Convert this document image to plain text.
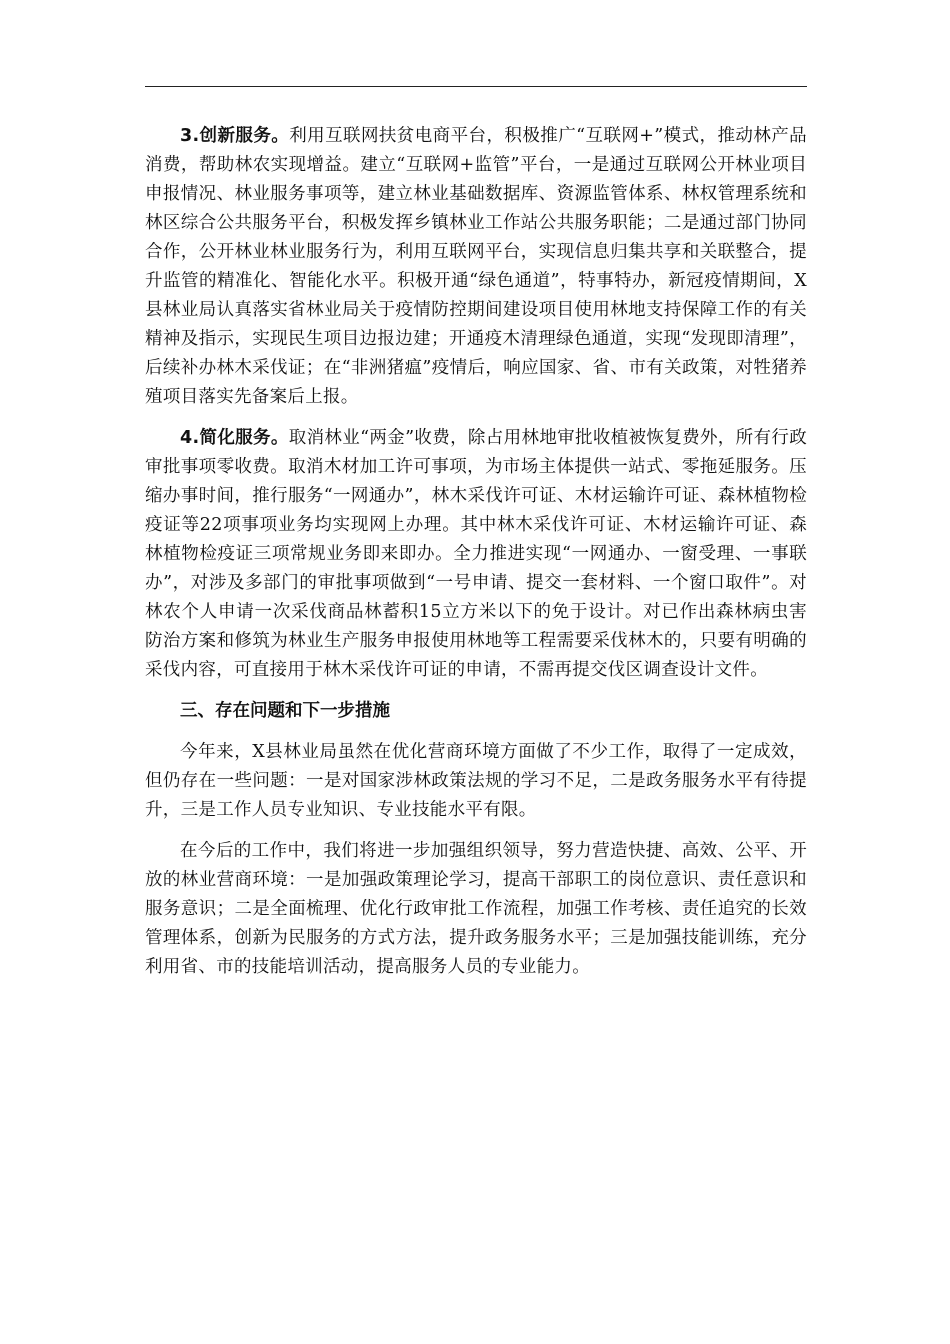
3.创新服务。利用互联网扶贫电商平台，积极推广“互联网+”模式，推动林产品消费，帮助林农实现增益。建立“互联网+监管”平台，一是通过互联网公开林业项目申报情况、林业服务事项等，建立林业基础数据库、资源监管体系、林权管理系统和林区综合公共服务平台，积极发挥乡镇林业工作站公共服务职能；二是通过部门协同合作，公开林业林业服务行为，利用互联网平台，实现信息归集共享和关联整合，提升监管的精准化、智能化水平。积极开通“绿色通道”，特事特办，新冠疫情期间，X县林业局认真落实省林业局关于疫情防控期间建设项目使用林地支持保障工作的有关精神及指示，实现民生项目边报边建；开通疫木清理绿色通道，实现“发现即清理”，后续补办林木采伐证；在“非洲猪瘟”疫情后，响应国家、省、市有关政策，对牲猪养殖项目落实先备案后上报。

4.简化服务。取消林业“两金”收费，除占用林地审批收植被恢复费外，所有行政审批事项零收费。取消木材加工许可事项，为市场主体提供一站式、零拖延服务。压缩办事时间，推行服务“一网通办”，林木采伐许可证、木材运输许可证、森林植物检疫证等22项事项业务均实现网上办理。其中林木采伐许可证、木材运输许可证、森林植物检疫证三项常规业务即来即办。全力推进实现“一网通办、一窗受理、一事联办”，对涉及多部门的审批事项做到“一号申请、提交一套材料、一个窗口取件”。对林农个人申请一次采伐商品林蓄积15立方米以下的免于设计。对已作出森林病虫害防治方案和修筑为林业生产服务申报使用林地等工程需要采伐林木的，只要有明确的采伐内容，可直接用于林木采伐许可证的申请，不需再提交伐区调查设计文件。

三、存在问题和下一步措施

今年来，X县林业局虽然在优化营商环境方面做了不少工作，取得了一定成效，但仍存在一些问题：一是对国家涉林政策法规的学习不足，二是政务服务水平有待提升，三是工作人员专业知识、专业技能水平有限。

在今后的工作中，我们将进一步加强组织领导，努力营造快捷、高效、公平、开放的林业营商环境：一是加强政策理论学习，提高干部职工的岗位意识、责任意识和服务意识；二是全面梳理、优化行政审批工作流程，加强工作考核、责任追究的长效管理体系，创新为民服务的方式方法，提升政务服务水平；三是加强技能训练，充分利用省、市的技能培训活动，提高服务人员的专业能力。
